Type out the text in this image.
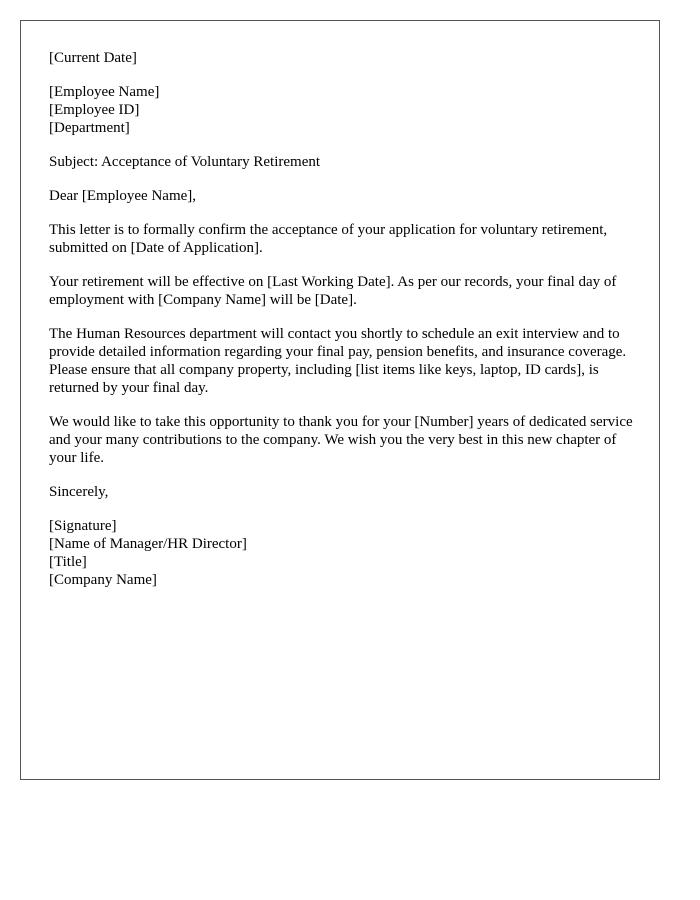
[Current Date]

[Employee Name]
[Employee ID]
[Department]

Subject: Acceptance of Voluntary Retirement

Dear [Employee Name],

This letter is to formally confirm the acceptance of your application for voluntary retirement, submitted on [Date of Application].

Your retirement will be effective on [Last Working Date]. As per our records, your final day of employment with [Company Name] will be [Date].

The Human Resources department will contact you shortly to schedule an exit interview and to provide detailed information regarding your final pay, pension benefits, and insurance coverage. Please ensure that all company property, including [list items like keys, laptop, ID cards], is returned by your final day.

We would like to take this opportunity to thank you for your [Number] years of dedicated service and your many contributions to the company. We wish you the very best in this new chapter of your life.

Sincerely,

[Signature]
[Name of Manager/HR Director]
[Title]
[Company Name]
